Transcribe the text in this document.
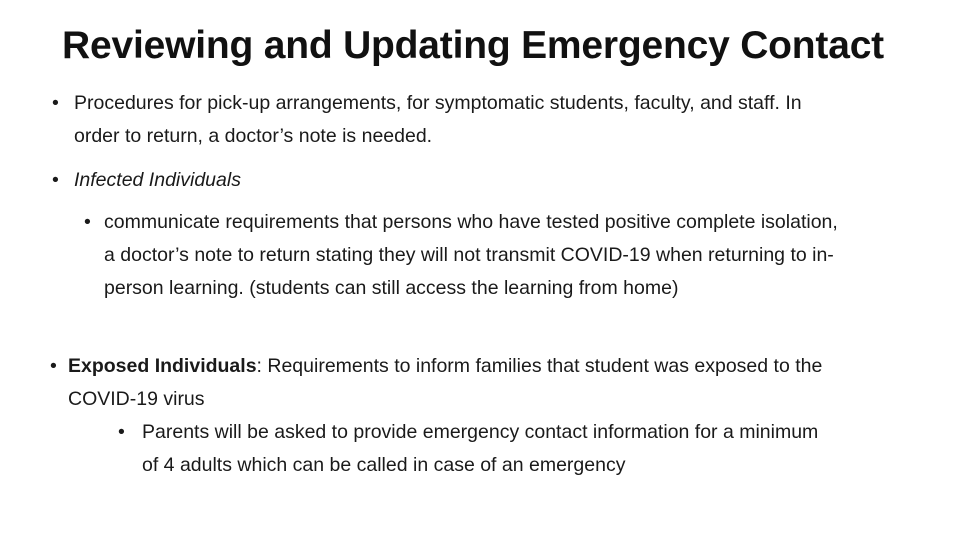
Reviewing and Updating Emergency Contact
• Procedures for pick-up arrangements, for symptomatic students, faculty, and staff. In order to return, a doctor’s note is needed.
• Infected Individuals
• communicate requirements that persons who have tested positive complete isolation, a doctor’s note to return stating they will not transmit COVID-19 when returning to in-person learning. (students can still access the learning from home)
• Exposed Individuals: Requirements to inform families that student was exposed to the COVID-19 virus
• Parents will be asked to provide emergency contact information for a minimum of 4 adults which can be called in case of an emergency
